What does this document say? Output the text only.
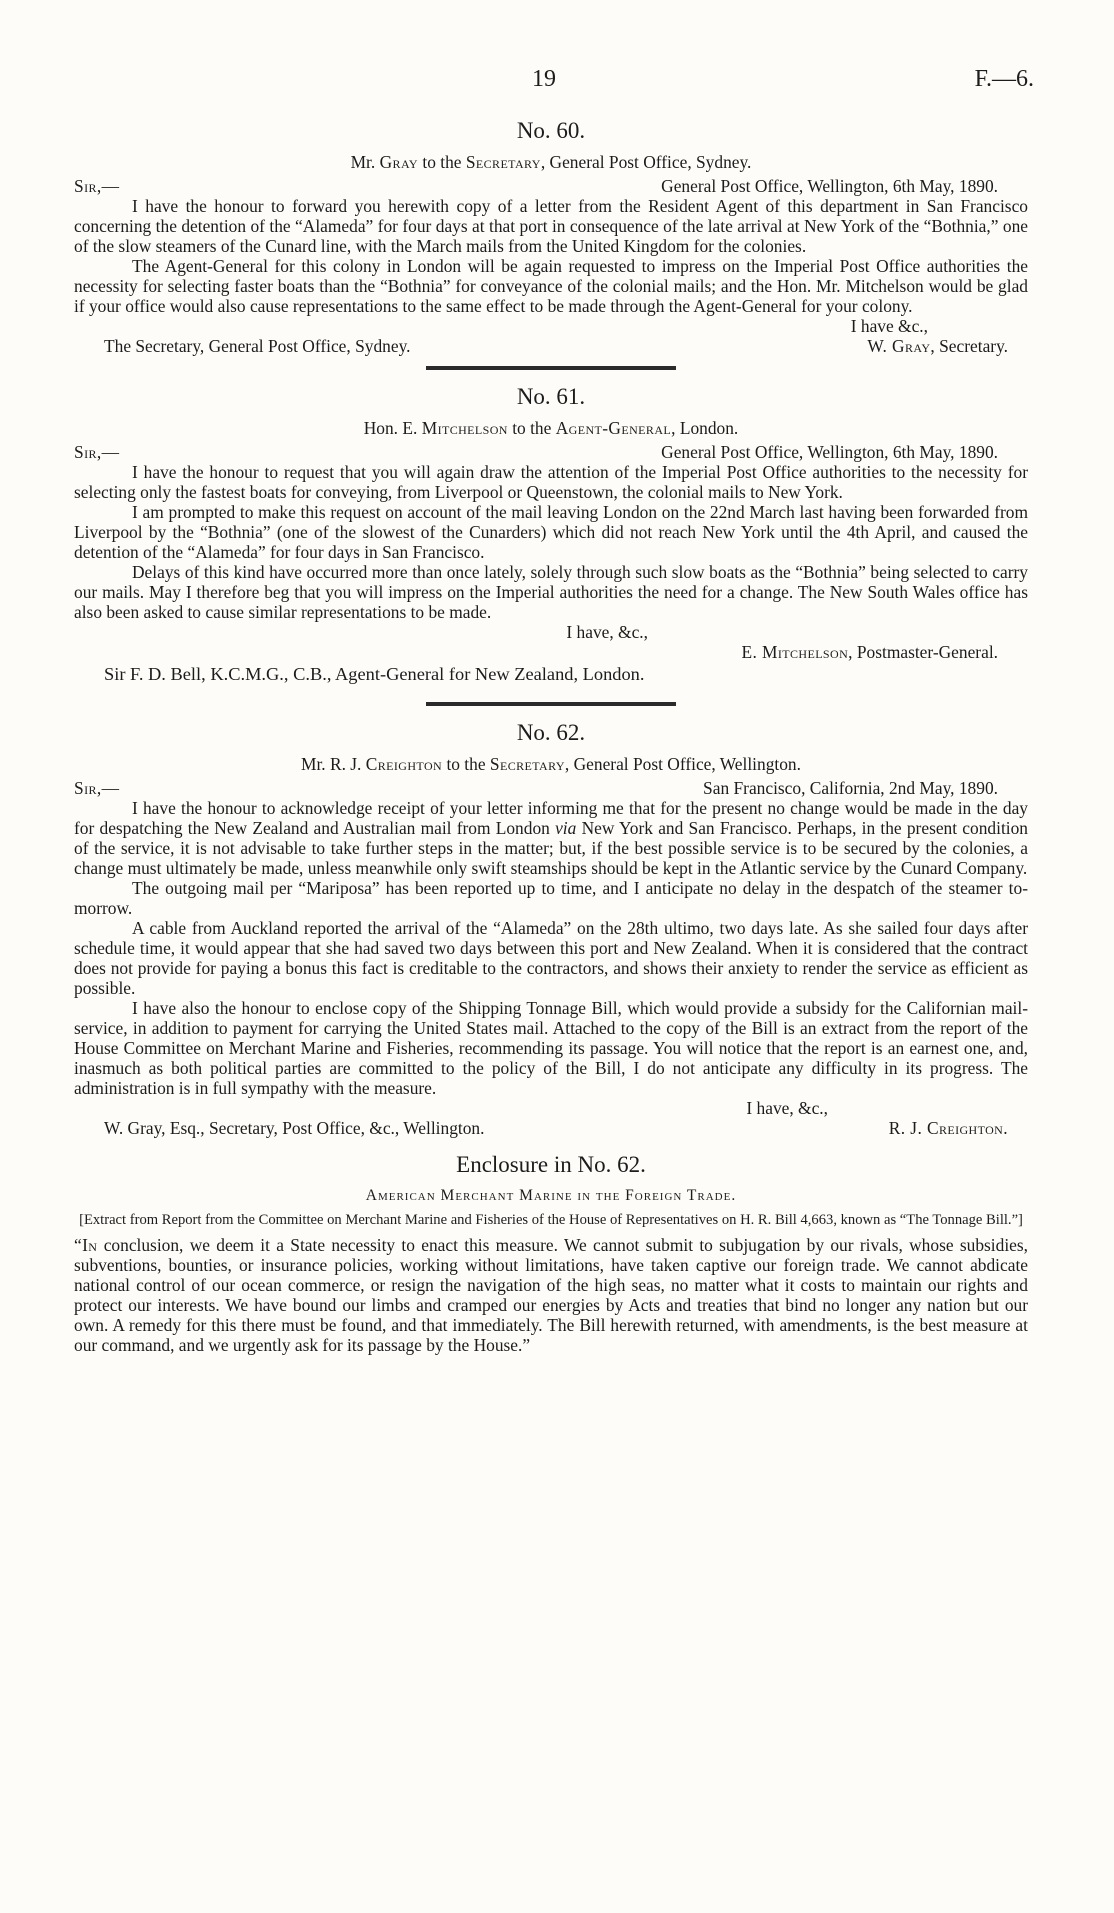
19	F.—6.
No. 60.
Mr. Gray to the Secretary, General Post Office, Sydney.
Sir,—	General Post Office, Wellington, 6th May, 1890.

I have the honour to forward you herewith copy of a letter from the Resident Agent of this department in San Francisco concerning the detention of the “Alameda” for four days at that port in consequence of the late arrival at New York of the “Bothnia,” one of the slow steamers of the Cunard line, with the March mails from the United Kingdom for the colonies.

The Agent-General for this colony in London will be again requested to impress on the Imperial Post Office authorities the necessity for selecting faster boats than the “Bothnia” for conveyance of the colonial mails; and the Hon. Mr. Mitchelson would be glad if your office would also cause representations to the same effect to be made through the Agent-General for your colony.

I have &c.,
The Secretary, General Post Office, Sydney.	W. Gray, Secretary.
No. 61.
Hon. E. Mitchelson to the Agent-General, London.
Sir,—	General Post Office, Wellington, 6th May, 1890.

I have the honour to request that you will again draw the attention of the Imperial Post Office authorities to the necessity for selecting only the fastest boats for conveying, from Liverpool or Queenstown, the colonial mails to New York.

I am prompted to make this request on account of the mail leaving London on the 22nd March last having been forwarded from Liverpool by the “Bothnia” (one of the slowest of the Cunarders) which did not reach New York until the 4th April, and caused the detention of the “Alameda” for four days in San Francisco.

Delays of this kind have occurred more than once lately, solely through such slow boats as the “Bothnia” being selected to carry our mails. May I therefore beg that you will impress on the Imperial authorities the need for a change. The New South Wales office has also been asked to cause similar representations to be made.

I have, &c.,
E. Mitchelson, Postmaster-General.
Sir F. D. Bell, K.C.M.G., C.B., Agent-General for New Zealand, London.
No. 62.
Mr. R. J. Creighton to the Secretary, General Post Office, Wellington.
Sir,—	San Francisco, California, 2nd May, 1890.

I have the honour to acknowledge receipt of your letter informing me that for the present no change would be made in the day for despatching the New Zealand and Australian mail from London via New York and San Francisco. Perhaps, in the present condition of the service, it is not advisable to take further steps in the matter; but, if the best possible service is to be secured by the colonies, a change must ultimately be made, unless meanwhile only swift steamships should be kept in the Atlantic service by the Cunard Company.

The outgoing mail per “Mariposa” has been reported up to time, and I anticipate no delay in the despatch of the steamer to-morrow.

A cable from Auckland reported the arrival of the “Alameda” on the 28th ultimo, two days late. As she sailed four days after schedule time, it would appear that she had saved two days between this port and New Zealand. When it is considered that the contract does not provide for paying a bonus this fact is creditable to the contractors, and shows their anxiety to render the service as efficient as possible.

I have also the honour to enclose copy of the Shipping Tonnage Bill, which would provide a subsidy for the Californian mail-service, in addition to payment for carrying the United States mail. Attached to the copy of the Bill is an extract from the report of the House Committee on Merchant Marine and Fisheries, recommending its passage. You will notice that the report is an earnest one, and, inasmuch as both political parties are committed to the policy of the Bill, I do not anticipate any difficulty in its progress. The administration is in full sympathy with the measure.

I have, &c.,
W. Gray, Esq., Secretary, Post Office, &c., Wellington.	R. J. Creighton.
Enclosure in No. 62.
American Merchant Marine in the Foreign Trade.
[Extract from Report from the Committee on Merchant Marine and Fisheries of the House of Representatives on H. R. Bill 4,663, known as “The Tonnage Bill.”]

“In conclusion, we deem it a State necessity to enact this measure. We cannot submit to subjugation by our rivals, whose subsidies, subventions, bounties, or insurance policies, working without limitations, have taken captive our foreign trade. We cannot abdicate national control of our ocean commerce, or resign the navigation of the high seas, no matter what it costs to maintain our rights and protect our interests. We have bound our limbs and cramped our energies by Acts and treaties that bind no longer any nation but our own. A remedy for this there must be found, and that immediately. The Bill herewith returned, with amendments, is the best measure at our command, and we urgently ask for its passage by the House.”
